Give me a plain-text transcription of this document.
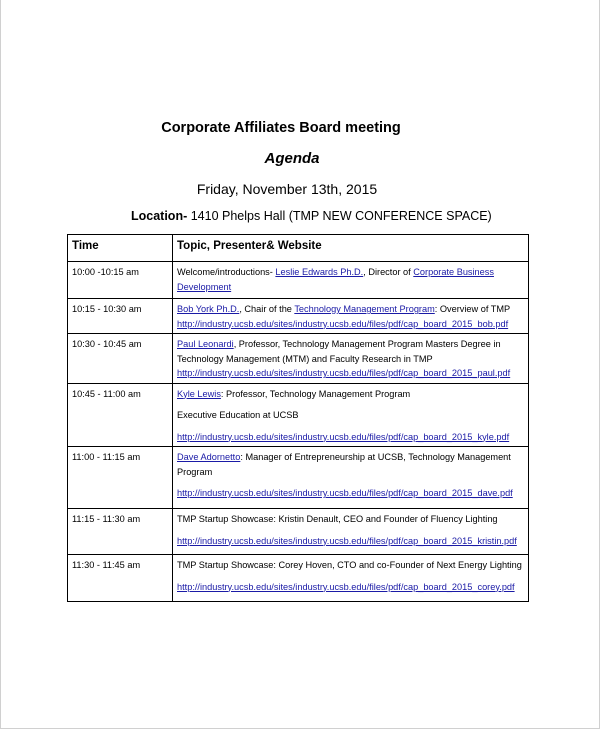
Corporate Affiliates Board meeting
Agenda
Friday, November 13th, 2015
Location- 1410 Phelps Hall (TMP NEW CONFERENCE SPACE)
Time	Topic, Presenter& Website
10:00 -10:15 am	Welcome/introductions- Leslie Edwards Ph.D., Director of Corporate Business Development
10:15 - 10:30 am	Bob York Ph.D., Chair of the Technology Management Program: Overview of TMP
http://industry.ucsb.edu/sites/industry.ucsb.edu/files/pdf/cap_board_2015_bob.pdf
10:30 - 10:45 am	Paul Leonardi, Professor, Technology Management Program Masters Degree in Technology Management (MTM) and Faculty Research in TMP
http://industry.ucsb.edu/sites/industry.ucsb.edu/files/pdf/cap_board_2015_paul.pdf
10:45 - 11:00 am	Kyle Lewis: Professor, Technology Management Program
Executive Education at UCSB
http://industry.ucsb.edu/sites/industry.ucsb.edu/files/pdf/cap_board_2015_kyle.pdf
11:00 - 11:15 am	Dave Adornetto: Manager of Entrepreneurship at UCSB, Technology Management Program
http://industry.ucsb.edu/sites/industry.ucsb.edu/files/pdf/cap_board_2015_dave.pdf
11:15 - 11:30 am	TMP Startup Showcase: Kristin Denault, CEO and Founder of Fluency Lighting
http://industry.ucsb.edu/sites/industry.ucsb.edu/files/pdf/cap_board_2015_kristin.pdf
11:30 - 11:45 am	TMP Startup Showcase: Corey Hoven, CTO and co-Founder of Next Energy Lighting
http://industry.ucsb.edu/sites/industry.ucsb.edu/files/pdf/cap_board_2015_corey.pdf
